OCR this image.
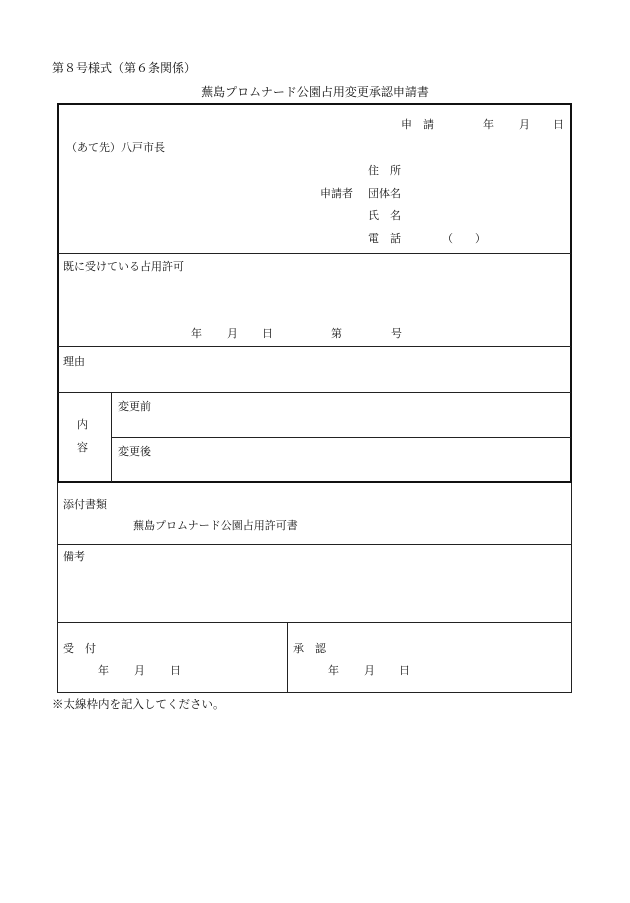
第８号様式（第６条関係）
蕪島プロムナード公園占用変更承認申請書
申　請	年 月 日
（あて先）八戸市長
住　所
申請者 団体名
氏　名
電　話	（　　）
既に受けている占用許可
年 月 日	第	号
理由
内
容
変更前
変更後
添付書類
蕪島プロムナード公園占用許可書
備考
受　付
年 月 日
承　認
年 月 日
※太線枠内を記入してください。
